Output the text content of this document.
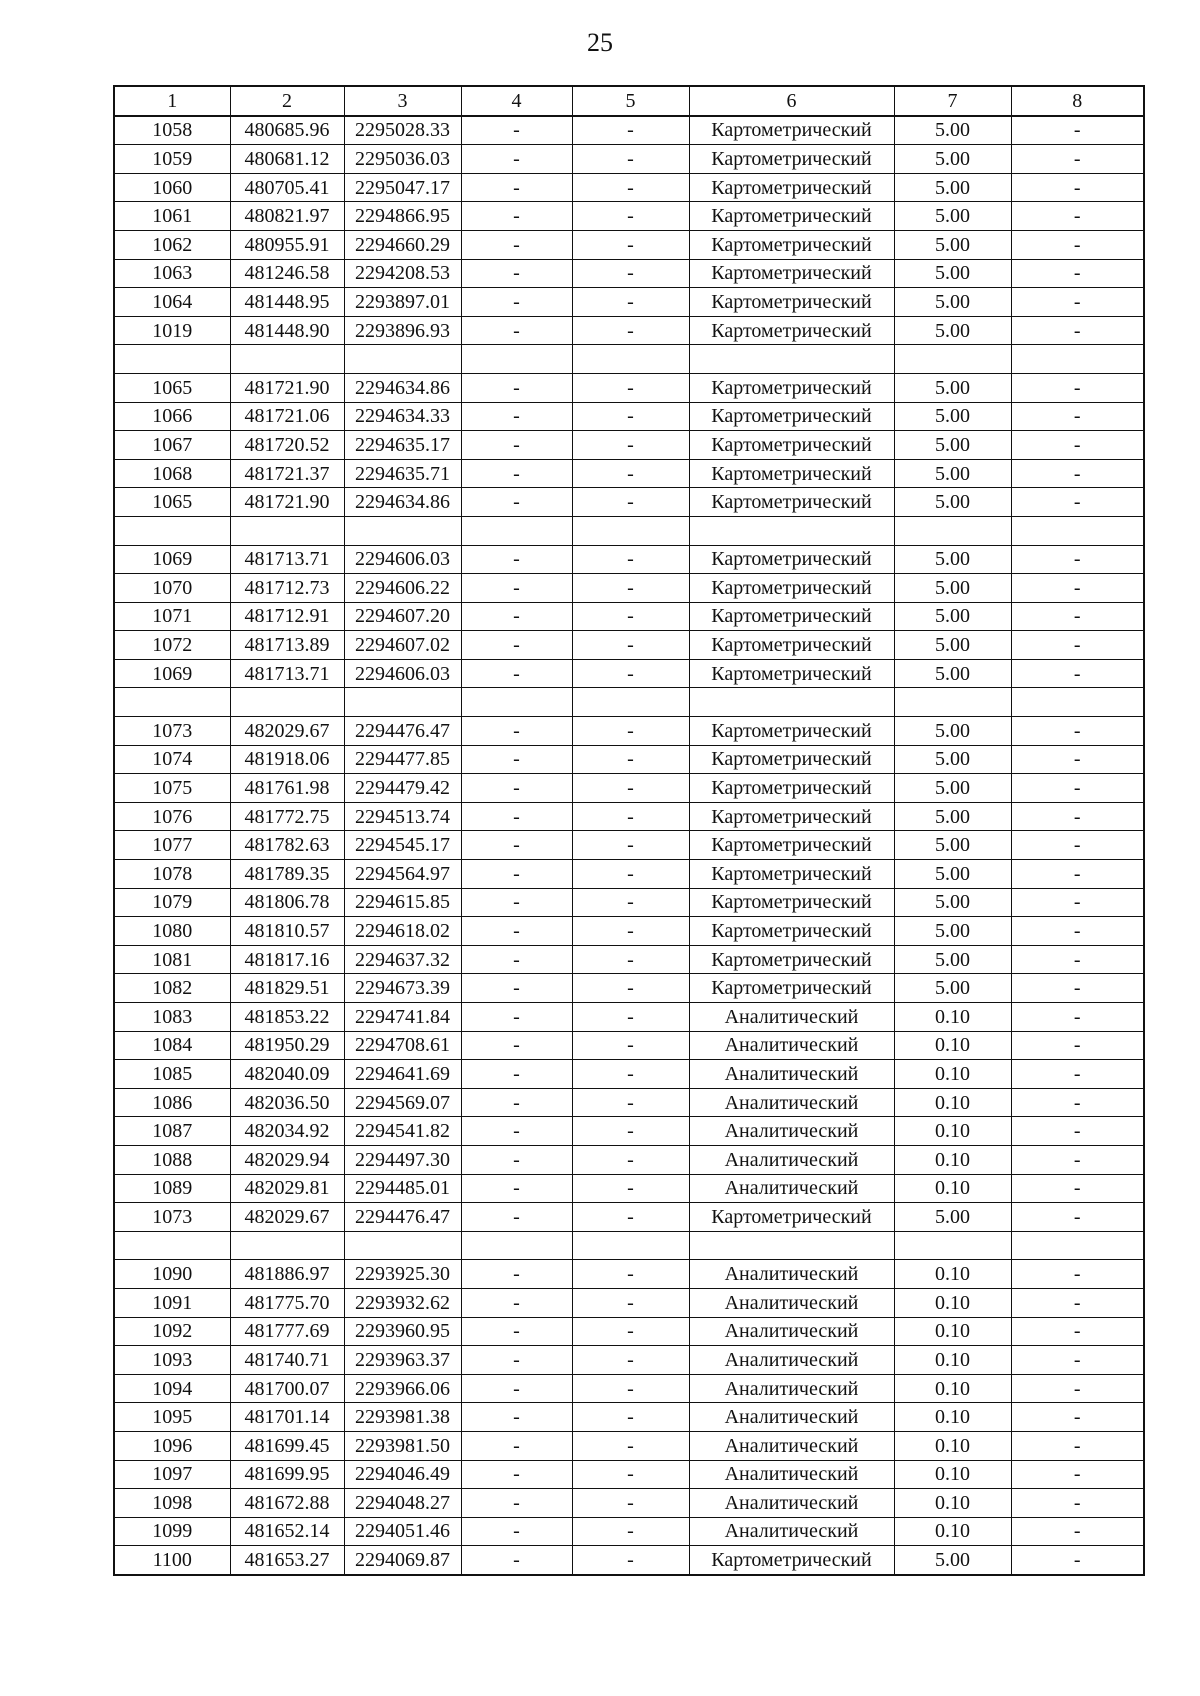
25
1	2	3	4	5	6	7	8
1058	480685.96	2295028.33	-	-	Картометрический	5.00	-
1059	480681.12	2295036.03	-	-	Картометрический	5.00	-
1060	480705.41	2295047.17	-	-	Картометрический	5.00	-
1061	480821.97	2294866.95	-	-	Картометрический	5.00	-
1062	480955.91	2294660.29	-	-	Картометрический	5.00	-
1063	481246.58	2294208.53	-	-	Картометрический	5.00	-
1064	481448.95	2293897.01	-	-	Картометрический	5.00	-
1019	481448.90	2293896.93	-	-	Картометрический	5.00	-

1065	481721.90	2294634.86	-	-	Картометрический	5.00	-
1066	481721.06	2294634.33	-	-	Картометрический	5.00	-
1067	481720.52	2294635.17	-	-	Картометрический	5.00	-
1068	481721.37	2294635.71	-	-	Картометрический	5.00	-
1065	481721.90	2294634.86	-	-	Картометрический	5.00	-

1069	481713.71	2294606.03	-	-	Картометрический	5.00	-
1070	481712.73	2294606.22	-	-	Картометрический	5.00	-
1071	481712.91	2294607.20	-	-	Картометрический	5.00	-
1072	481713.89	2294607.02	-	-	Картометрический	5.00	-
1069	481713.71	2294606.03	-	-	Картометрический	5.00	-

1073	482029.67	2294476.47	-	-	Картометрический	5.00	-
1074	481918.06	2294477.85	-	-	Картометрический	5.00	-
1075	481761.98	2294479.42	-	-	Картометрический	5.00	-
1076	481772.75	2294513.74	-	-	Картометрический	5.00	-
1077	481782.63	2294545.17	-	-	Картометрический	5.00	-
1078	481789.35	2294564.97	-	-	Картометрический	5.00	-
1079	481806.78	2294615.85	-	-	Картометрический	5.00	-
1080	481810.57	2294618.02	-	-	Картометрический	5.00	-
1081	481817.16	2294637.32	-	-	Картометрический	5.00	-
1082	481829.51	2294673.39	-	-	Картометрический	5.00	-
1083	481853.22	2294741.84	-	-	Аналитический	0.10	-
1084	481950.29	2294708.61	-	-	Аналитический	0.10	-
1085	482040.09	2294641.69	-	-	Аналитический	0.10	-
1086	482036.50	2294569.07	-	-	Аналитический	0.10	-
1087	482034.92	2294541.82	-	-	Аналитический	0.10	-
1088	482029.94	2294497.30	-	-	Аналитический	0.10	-
1089	482029.81	2294485.01	-	-	Аналитический	0.10	-
1073	482029.67	2294476.47	-	-	Картометрический	5.00	-

1090	481886.97	2293925.30	-	-	Аналитический	0.10	-
1091	481775.70	2293932.62	-	-	Аналитический	0.10	-
1092	481777.69	2293960.95	-	-	Аналитический	0.10	-
1093	481740.71	2293963.37	-	-	Аналитический	0.10	-
1094	481700.07	2293966.06	-	-	Аналитический	0.10	-
1095	481701.14	2293981.38	-	-	Аналитический	0.10	-
1096	481699.45	2293981.50	-	-	Аналитический	0.10	-
1097	481699.95	2294046.49	-	-	Аналитический	0.10	-
1098	481672.88	2294048.27	-	-	Аналитический	0.10	-
1099	481652.14	2294051.46	-	-	Аналитический	0.10	-
1100	481653.27	2294069.87	-	-	Картометрический	5.00	-
